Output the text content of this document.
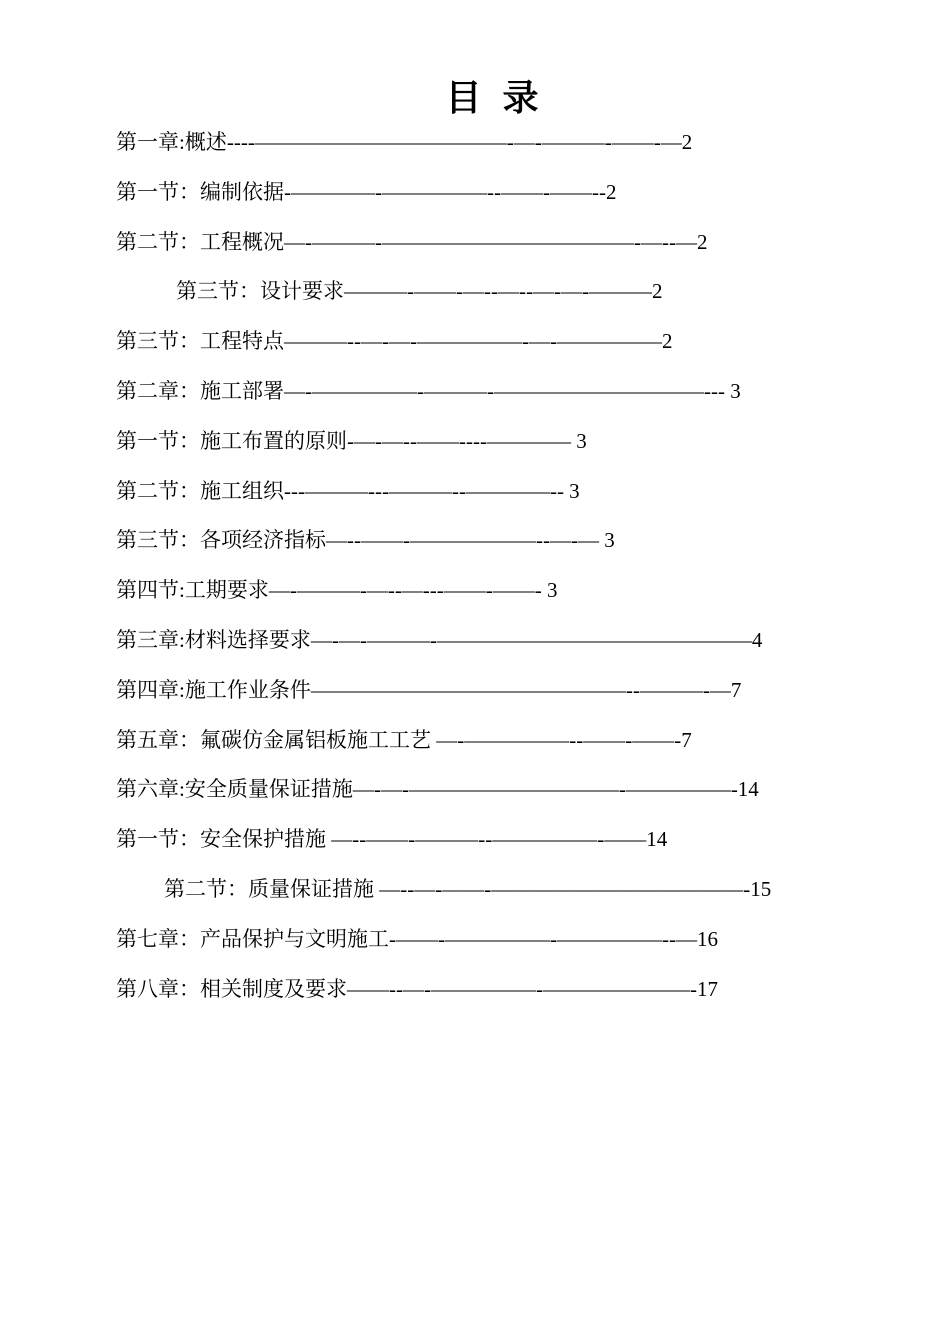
目 录
第一章:概述----————————————-—-———-——-—2
第一节：编制依据-————-—————--——-——--2
第二节：工程概况—-———-————————————-—--—2
第三节：设计要求———-——-—--—--—-—-———2
第三节：工程特点———--—-—-—————-—-—————2
第二章：施工部署—-—————-———-——————————--- 3
第一节：施工布置的原则-—-—--——----———— 3
第二节：施工组织---———---———--————-- 3
第三节：各项经济指标—--——-——————--—-— 3
第四节:工期要求—-———-—--—---——-——- 3
第三章:材料选择要求—-—-———-———————————————4
第四章:施工作业条件———————————————--———-—7
第五章：氟碳仿金属铝板施工工艺 —-—————--——-——-7
第六章:安全质量保证措施—-—-——————————-—————-14
第一节：安全保护措施 —--——-———--—————-——14
第二节：质量保证措施 —--—-——-————————————-15
第七章：产品保护与文明施工-——-—————-—————--—16
第八章：相关制度及要求——--—-—————-———————-17
